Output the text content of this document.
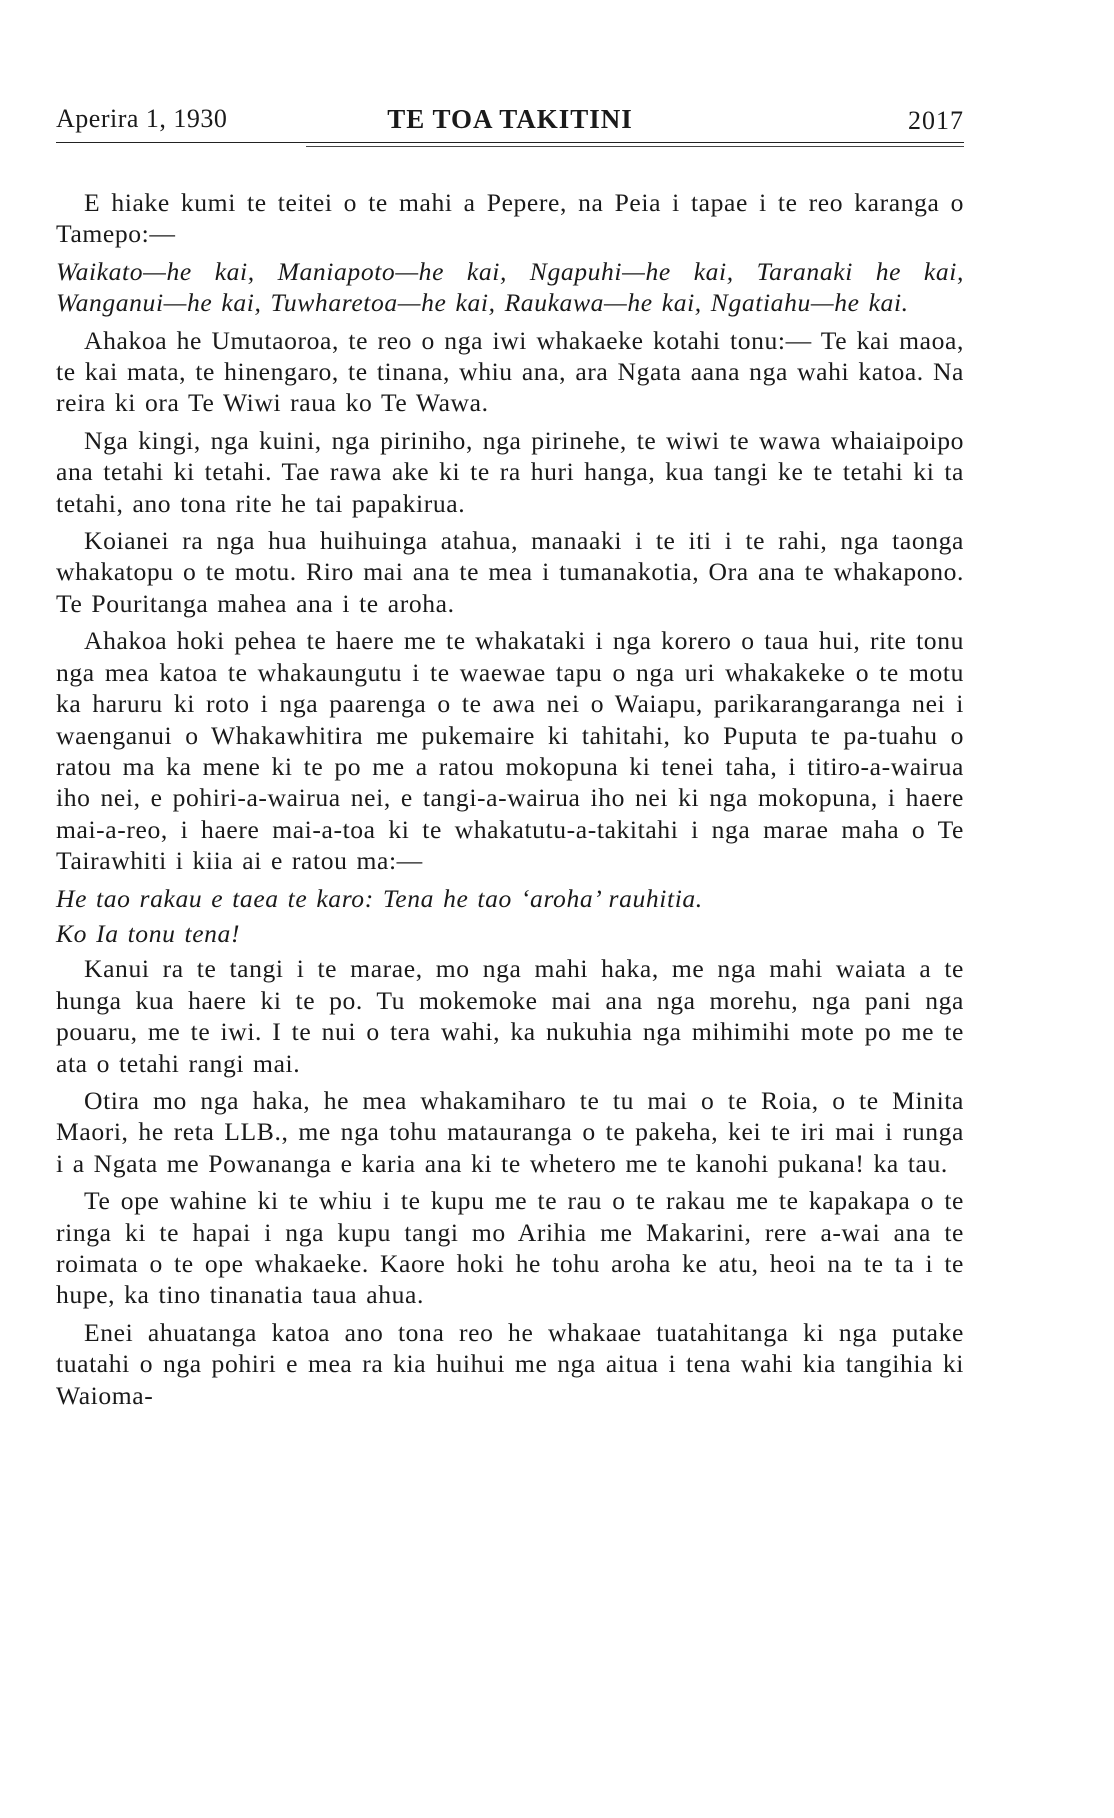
Aperira 1, 1930	TE TOA TAKITINI	2017

E hiake kumi te teitei o te mahi a Pepere, na Peia i tapae i te reo karanga o Tamepo:—

Waikato—he kai, Maniapoto—he kai, Ngapuhi—he kai, Taranaki he kai, Wanganui—he kai, Tuwharetoa—he kai, Raukawa—he kai, Ngatiahu—he kai.

Ahakoa he Umutaoroa, te reo o nga iwi whakaeke kotahi tonu:— Te kai maoa, te kai mata, te hinengaro, te tinana, whiu ana, ara Ngata aana nga wahi katoa. Na reira ki ora Te Wiwi raua ko Te Wawa.

Nga kingi, nga kuini, nga piriniho, nga pirinehe, te wiwi te wawa whaiaipoipo ana tetahi ki tetahi. Tae rawa ake ki te ra huri hanga, kua tangi ke te tetahi ki ta tetahi, ano tona rite he tai papakirua.

Koianei ra nga hua huihuinga atahua, manaaki i te iti i te rahi, nga taonga whakatopu o te motu. Riro mai ana te mea i tumanakotia, Ora ana te whakapono. Te Pouritanga mahea ana i te aroha.

Ahakoa hoki pehea te haere me te whakataki i nga korero o taua hui, rite tonu nga mea katoa te whakaungutu i te waewae tapu o nga uri whakakeke o te motu ka haruru ki roto i nga paarenga o te awa nei o Waiapu, parikarangaranga nei i waenganui o Whakawhitira me pukemaire ki tahitahi, ko Puputa te pa-tuahu o ratou ma ka mene ki te po me a ratou mokopuna ki tenei taha, i titiro-a-wairua iho nei, e pohiri-a-wairua nei, e tangi-a-wairua iho nei ki nga mokopuna, i haere mai-a-reo, i haere mai-a-toa ki te whakatutu-a-takitahi i nga marae maha o Te Tairawhiti i kiia ai e ratou ma:—

He tao rakau e taea te karo: Tena he tao ‘aroha’ rauhitia.

Ko Ia tonu tena!

Kanui ra te tangi i te marae, mo nga mahi haka, me nga mahi waiata a te hunga kua haere ki te po. Tu mokemoke mai ana nga morehu, nga pani nga pouaru, me te iwi. I te nui o tera wahi, ka nukuhia nga mihimihi mote po me te ata o tetahi rangi mai.

Otira mo nga haka, he mea whakamiharo te tu mai o te Roia, o te Minita Maori, he reta LLB., me nga tohu matauranga o te pakeha, kei te iri mai i runga i a Ngata me Powananga e karia ana ki te whetero me te kanohi pukana! ka tau.

Te ope wahine ki te whiu i te kupu me te rau o te rakau me te kapakapa o te ringa ki te hapai i nga kupu tangi mo Arihia me Makarini, rere a-wai ana te roimata o te ope whakaeke. Kaore hoki he tohu aroha ke atu, heoi na te ta i te hupe, ka tino tinanatia taua ahua.

Enei ahuatanga katoa ano tona reo he whakaae tuatahitanga ki nga putake tuatahi o nga pohiri e mea ra kia huihui me nga aitua i tena wahi kia tangihia ki Waioma-
